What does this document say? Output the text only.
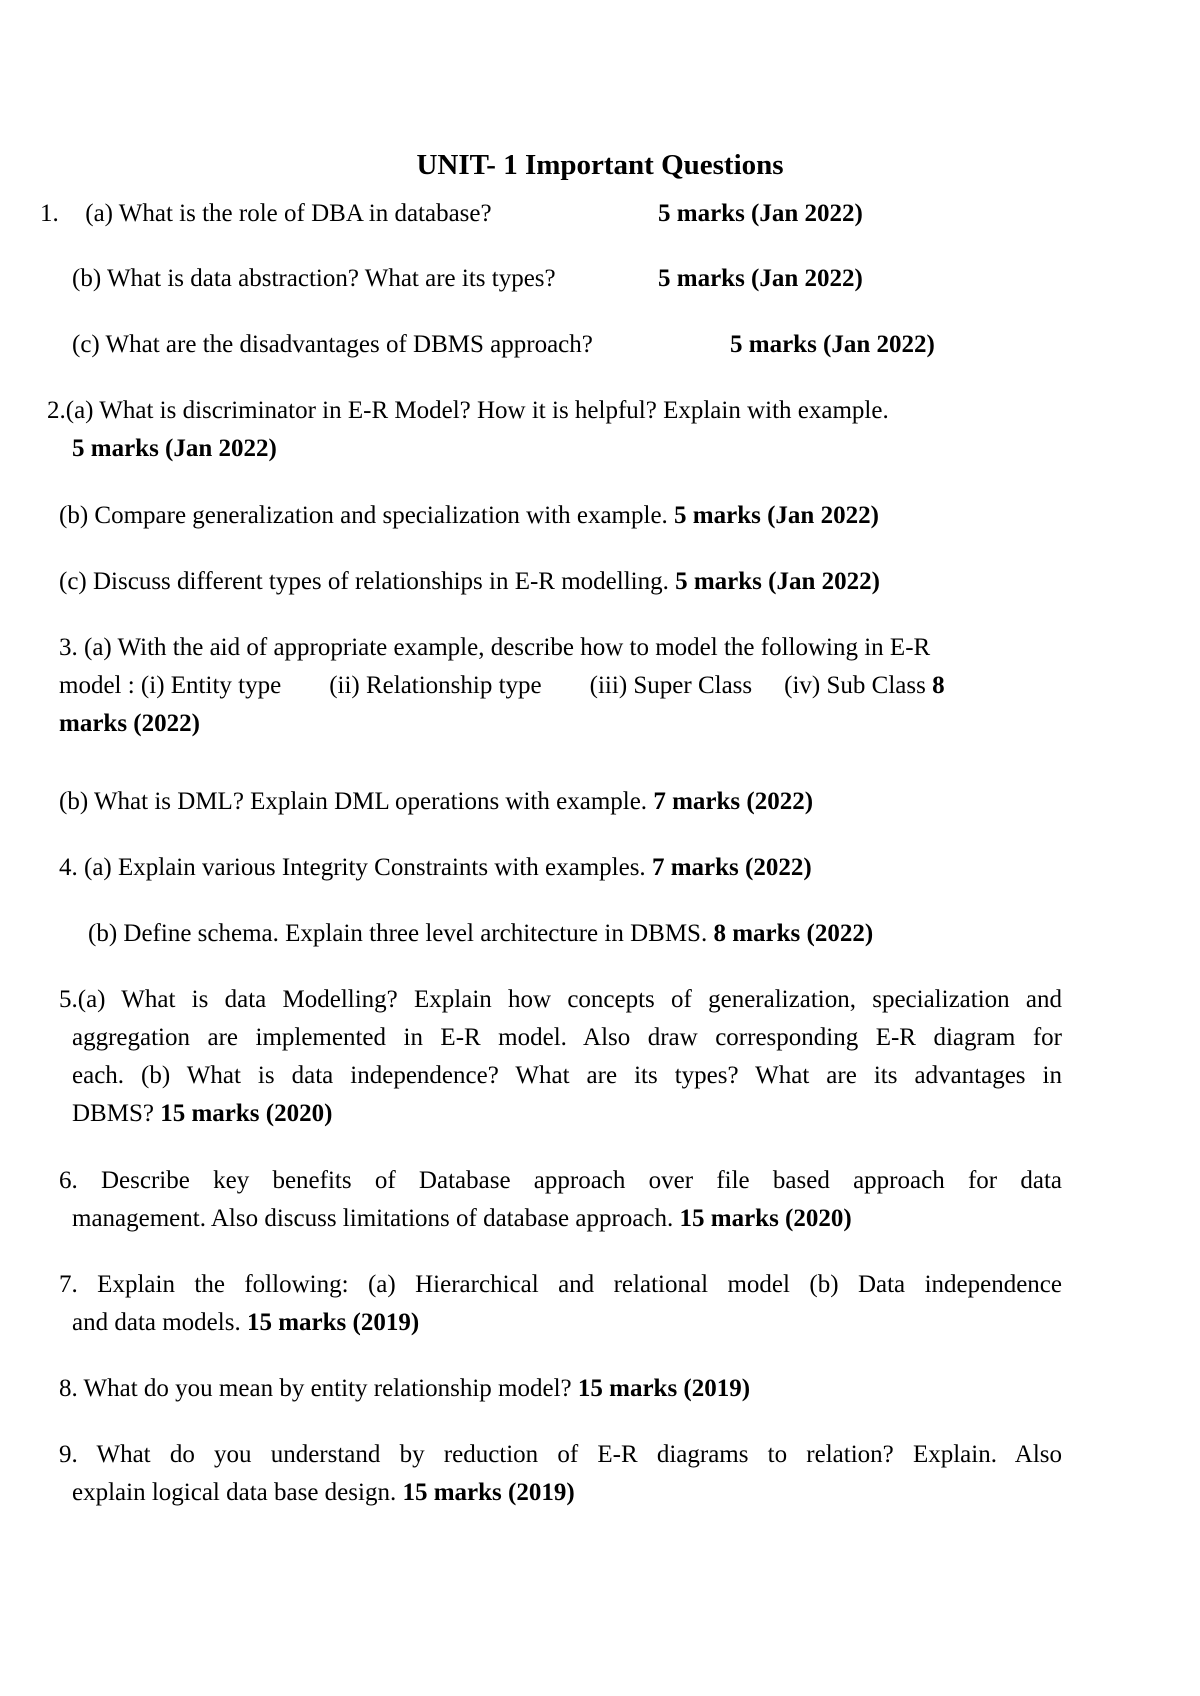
UNIT- 1 Important Questions
1. (a) What is the role of DBA in database?	5 marks (Jan 2022)
(b) What is data abstraction? What are its types?	5 marks (Jan 2022)
(c) What are the disadvantages of DBMS approach?	5 marks (Jan 2022)
2.(a) What is discriminator in E-R Model? How it is helpful? Explain with example.
5 marks (Jan 2022)
(b) Compare generalization and specialization with example. 5 marks (Jan 2022)
(c) Discuss different types of relationships in E-R modelling. 5 marks (Jan 2022)
3. (a) With the aid of appropriate example, describe how to model the following in E-R
model : (i) Entity type (ii) Relationship type (iii) Super Class (iv) Sub Class 8
marks (2022)
(b) What is DML? Explain DML operations with example. 7 marks (2022)
4. (a) Explain various Integrity Constraints with examples. 7 marks (2022)
(b) Define schema. Explain three level architecture in DBMS. 8 marks (2022)
5.(a) What is data Modelling? Explain how concepts of generalization, specialization and
aggregation are implemented in E-R model. Also draw corresponding E-R diagram for
each. (b) What is data independence? What are its types? What are its advantages in
DBMS? 15 marks (2020)
6. Describe key benefits of Database approach over file based approach for data
management. Also discuss limitations of database approach. 15 marks (2020)
7. Explain the following: (a) Hierarchical and relational model (b) Data independence
and data models. 15 marks (2019)
8. What do you mean by entity relationship model? 15 marks (2019)
9. What do you understand by reduction of E-R diagrams to relation? Explain. Also
explain logical data base design. 15 marks (2019)
